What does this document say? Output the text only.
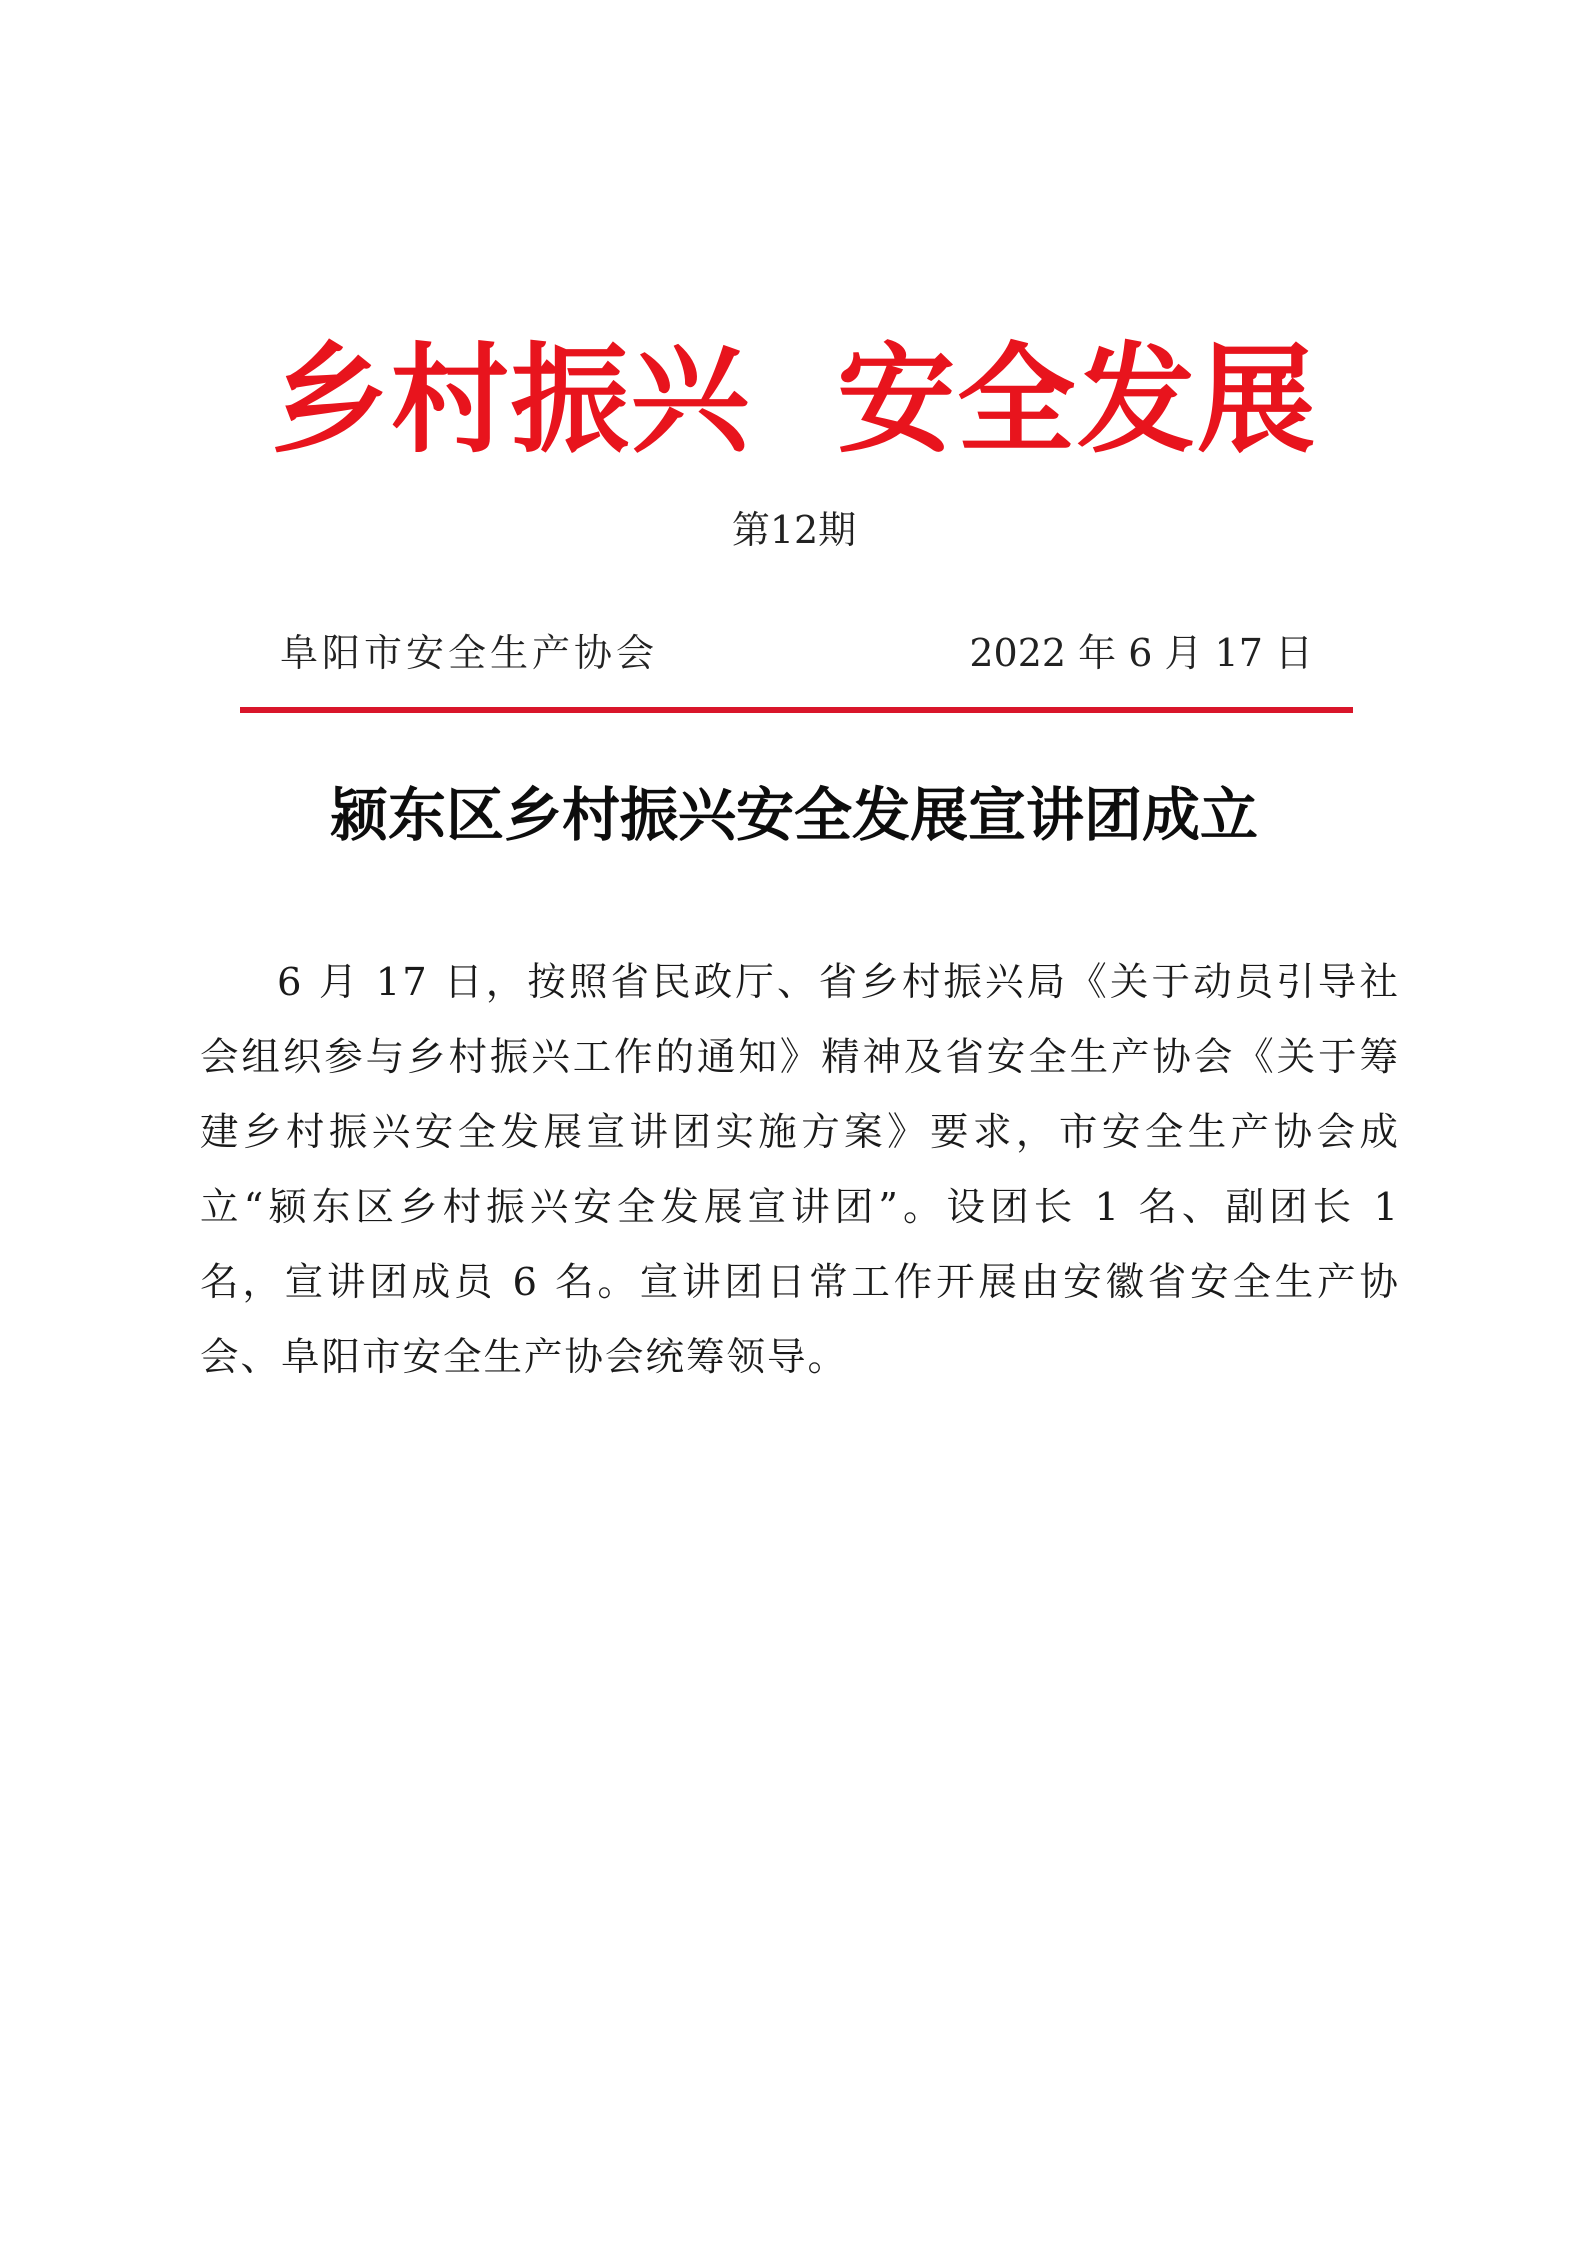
乡村振兴  安全发展
第12期
阜阳市安全生产协会	2022 年 6 月 17 日
颍东区乡村振兴安全发展宣讲团成立
6 月 17 日，按照省民政厅、省乡村振兴局《关于动员引导社会组织参与乡村振兴工作的通知》精神及省安全生产协会《关于筹建乡村振兴安全发展宣讲团实施方案》要求，市安全生产协会成立“颍东区乡村振兴安全发展宣讲团”。设团长 1 名、副团长 1 名，宣讲团成员 6 名。宣讲团日常工作开展由安徽省安全生产协会、阜阳市安全生产协会统筹领导。
